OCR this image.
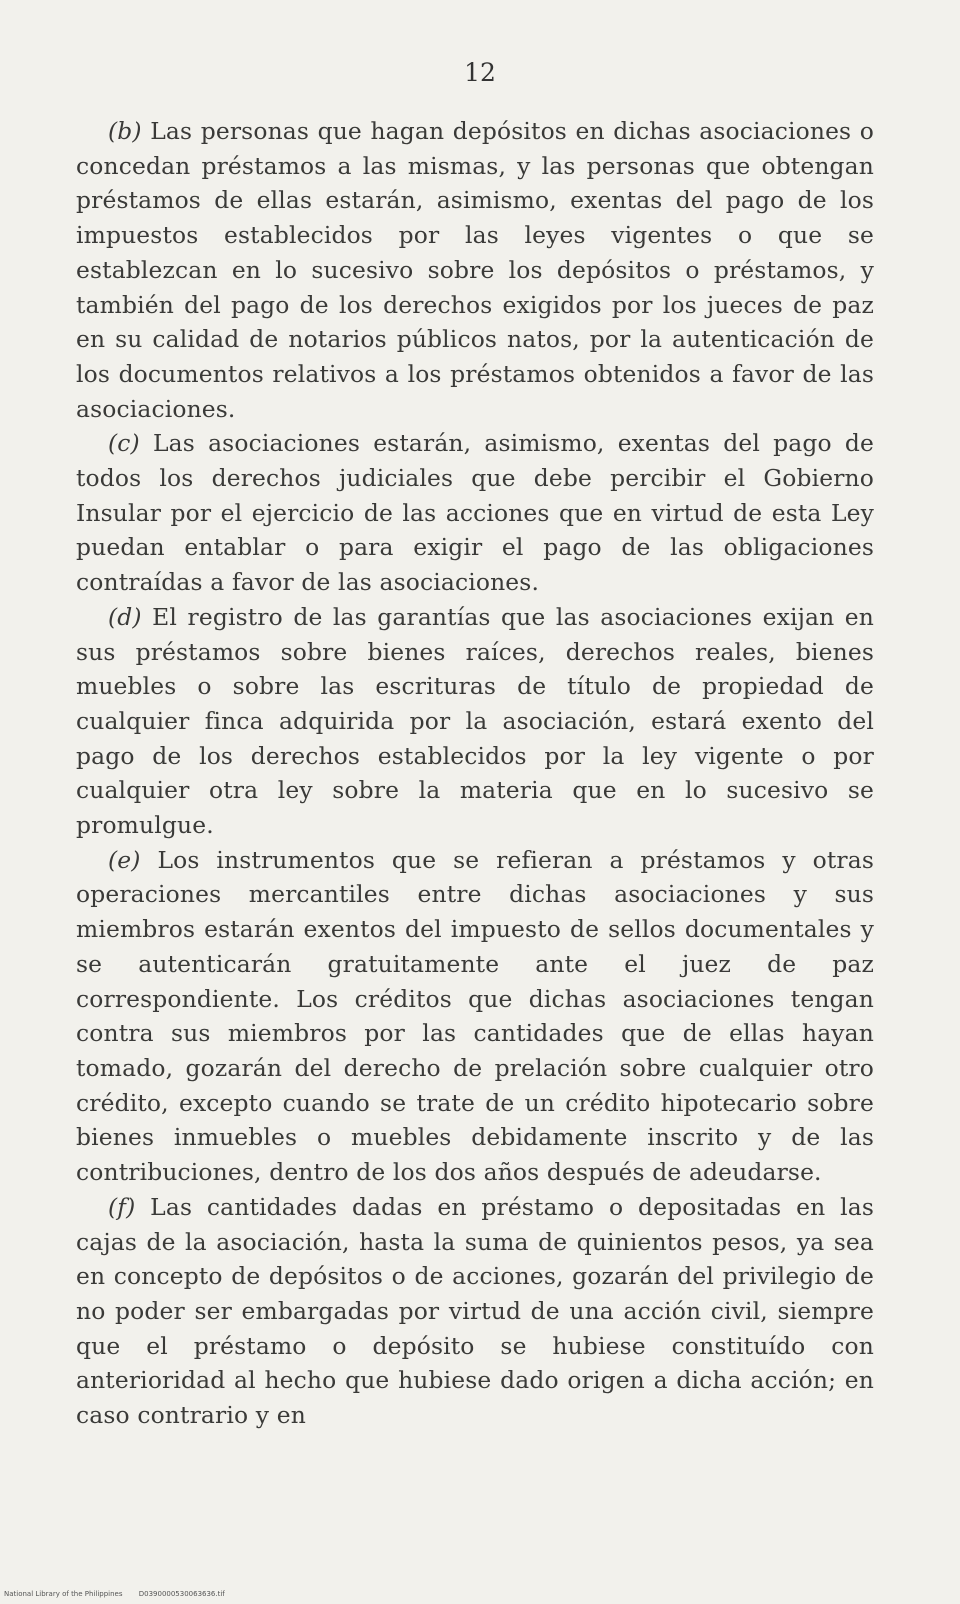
12

(b) Las personas que hagan depósitos en dichas asociaciones o concedan préstamos a las mismas, y las personas que obtengan préstamos de ellas estarán, asimismo, exentas del pago de los impuestos establecidos por las leyes vigentes o que se establezcan en lo sucesivo sobre los depósitos o préstamos, y también del pago de los derechos exigidos por los jueces de paz en su calidad de notarios públicos natos, por la autenticación de los documentos relativos a los préstamos obtenidos a favor de las asociaciones.

(c) Las asociaciones estarán, asimismo, exentas del pago de todos los derechos judiciales que debe percibir el Gobierno Insular por el ejercicio de las acciones que en virtud de esta Ley puedan entablar o para exigir el pago de las obligaciones contraídas a favor de las asociaciones.

(d) El registro de las garantías que las asociaciones exijan en sus préstamos sobre bienes raíces, derechos reales, bienes muebles o sobre las escrituras de título de propiedad de cualquier finca adquirida por la asociación, estará exento del pago de los derechos establecidos por la ley vigente o por cualquier otra ley sobre la materia que en lo sucesivo se promulgue.

(e) Los instrumentos que se refieran a préstamos y otras operaciones mercantiles entre dichas asociaciones y sus miembros estarán exentos del impuesto de sellos documentales y se autenticarán gratuitamente ante el juez de paz correspondiente. Los créditos que dichas asociaciones tengan contra sus miembros por las cantidades que de ellas hayan tomado, gozarán del derecho de prelación sobre cualquier otro crédito, excepto cuando se trate de un crédito hipotecario sobre bienes inmuebles o muebles debidamente inscrito y de las contribuciones, dentro de los dos años después de adeudarse.

(f) Las cantidades dadas en préstamo o depositadas en las cajas de la asociación, hasta la suma de quinientos pesos, ya sea en concepto de depósitos o de acciones, gozarán del privilegio de no poder ser embargadas por virtud de una acción civil, siempre que el préstamo o depósito se hubiese constituído con anterioridad al hecho que hubiese dado origen a dicha acción; en caso contrario y en

National Library of the Philippines D0390000530063636.tif
